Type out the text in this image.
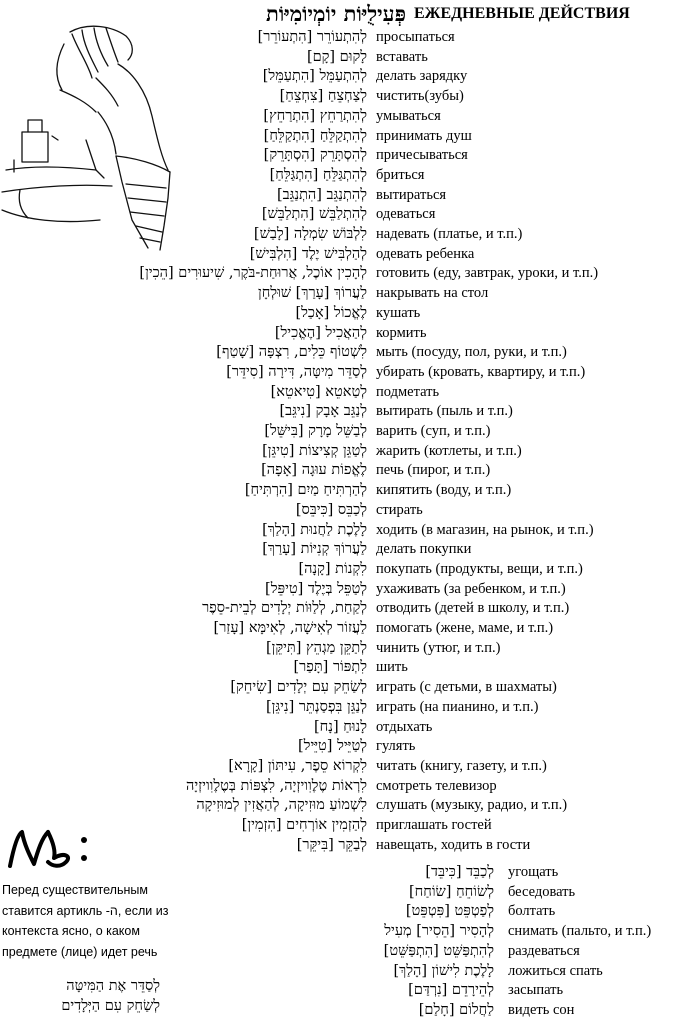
פְּעִילֻיּוֹת יוֹמְיוֹמִיּוֹת ЕЖЕДНЕВНЫЕ ДЕЙСТВИЯ
לְהִתְעוֹרֵר [הִתְעוֹרֵר] просыпаться
לָקוּם [קָם] вставать
לְהִתְעַמֵּל [הִתְעַמֵּל] делать зарядку
לְצַחְצֵחַ [צִחְצֵחַ] чистить(зубы)
לְהִתְרַחֵץ [הִתְרַחֵץ] умываться
לְהִתְקַלֵּחַ [הִתְקַלֵּחַ] принимать душ
לְהִסְתָּרֵק [הִסְתָּרֵק] причесываться
לְהִתְגַּלֵּחַ [הִתְגַּלֵּחַ] бриться
לְהִתְנַגֵּב [הִתְנַגֵּב] вытираться
לְהִתְלַבֵּשׁ [הִתְלַבֵּשׁ] одеваться
לִלְבּוֹשׁ שִׂמְלָה [לָבַשׁ] надевать (платье, и т.п.)
לְהַלְבִּישׁ יֶלֶד [הִלְבִּישׁ] одевать ребенка
לְהָכִין אוֹכֶל, אֲרוּחַת-בֹּקֶר, שִׁיעוּרִים [הֵכִין] готовить (еду, завтрак, уроки, и т.п.)
לַעֲרוֹךְ [עָרַךְ] שׁוּלְחָן накрывать на стол
לֶאֱכוֹל [אָכַל] кушать
לְהַאֲכִיל [הֶאֱכִיל] кормить
לִשְׁטוֹף כֵּלִים, רִצְפָּה [שָׁטַף] мыть (посуду, пол, руки, и т.п.)
לְסַדֵּר מִיטָּה, דִּירָה [סִידֵּר] убирать (кровать, квартиру, и т.п.)
לְטַאטֵא [טִיאטֵא] подметать
לְנַגֵּב אָבָק [נִיגֵּב] вытирать (пыль и т.п.)
לְבַשֵּׁל מָרָק [בִּישֵּׁל] варить (суп, и т.п.)
לְטַגֵּן קְצִיצוֹת [טִיגֵּן] жарить (котлеты, и т.п.)
לֶאֱפוֹת עוּגָה [אָפָה] печь (пирог, и т.п.)
לְהַרְתִּיחַ מַיִם [הִרְתִּיחַ] кипятить (воду, и т.п.)
לְכַבֵּס [כִּיבֵּס] стирать
לָלֶכֶת לַחֲנוּת [הָלַךְ] ходить (в магазин, на рынок, и т.п.)
לַעֲרוֹךְ קְנִיּוֹת [עָרַךְ] делать покупки
לִקְנוֹת [קָנָה] покупать (продукты, вещи, и т.п.)
לְטַפֵּל בְּיֶלֶד [טִיפֵּל] ухаживать (за ребенком, и т.п.)
לְקַחַת, לְלַוּוֹת יְלָדִים לְבֵית-סֵפֶר отводить (детей в школу, и т.п.)
לַעֲזוֹר לְאִישָׁה, לְאִימָּא [עָזַר] помогать (жене, маме, и т.п.)
לְתַקֵּן מַגְהֵץ [תִּיקֵּן] чинить (утюг, и т.п.)
לִתְפּוֹר [תָּפַר] шить
לְשַׂחֵק עִם יְלָדִים [שִׂיחֵק] играть (с детьми, в шахматы)
לְנַגֵּן בִּפְסַנְתֵּר [נִיגֵּן] играть (на пианино, и т.п.)
לָנוּחַ [נָח] отдыхать
לְטַיֵּיל [טִיֵּיל] гулять
לִקְרוֹא סֵפֶר, עִיתּוֹן [קָרָא] читать (книгу, газету, и т.п.)
לִרְאוֹת טֶלֶוִויזְיָה, לִצְפּוֹת בְּטֶלֶוִויזְיָה смотреть телевизор
לִשְׁמוֹעַ מוּזִיקָה, לְהַאֲזִין לְמוּזִיקָה слушать (музыку, радио, и т.п.)
לְהַזְמִין אוֹרְחִים [הִזְמִין] приглашать гостей
לְבַקֵּר [בִּיקֵּר] навещать, ходить в гости
לְכַבֵּד [כִּיבֵּד] угощать
לְשׂוֹחֵחַ [שׂוֹחַח] беседовать
לְפַטְפֵּט [פִּטְפֵּט] болтать
לְהָסִיר [הֵסִיר] מְעִיל снимать (пальто, и т.п.)
לְהִתְפַּשֵּׁט [הִתְפַּשֵּׁט] раздеваться
לָלֶכֶת לִישׁוֹן [הָלַךְ] ложиться спать
לְהֵירָדֵם [נִרְדַּם] засыпать
לַחֲלוֹם [חָלַם] видеть сон
Перед существительным
ставится артикль -ה, если из
контекста ясно, о каком
предмете (лице) идет речь
לְסַדֵּר אֶת הַמִּיטָּה
לְשַׂחֵק עִם הַיְּלָדִים
